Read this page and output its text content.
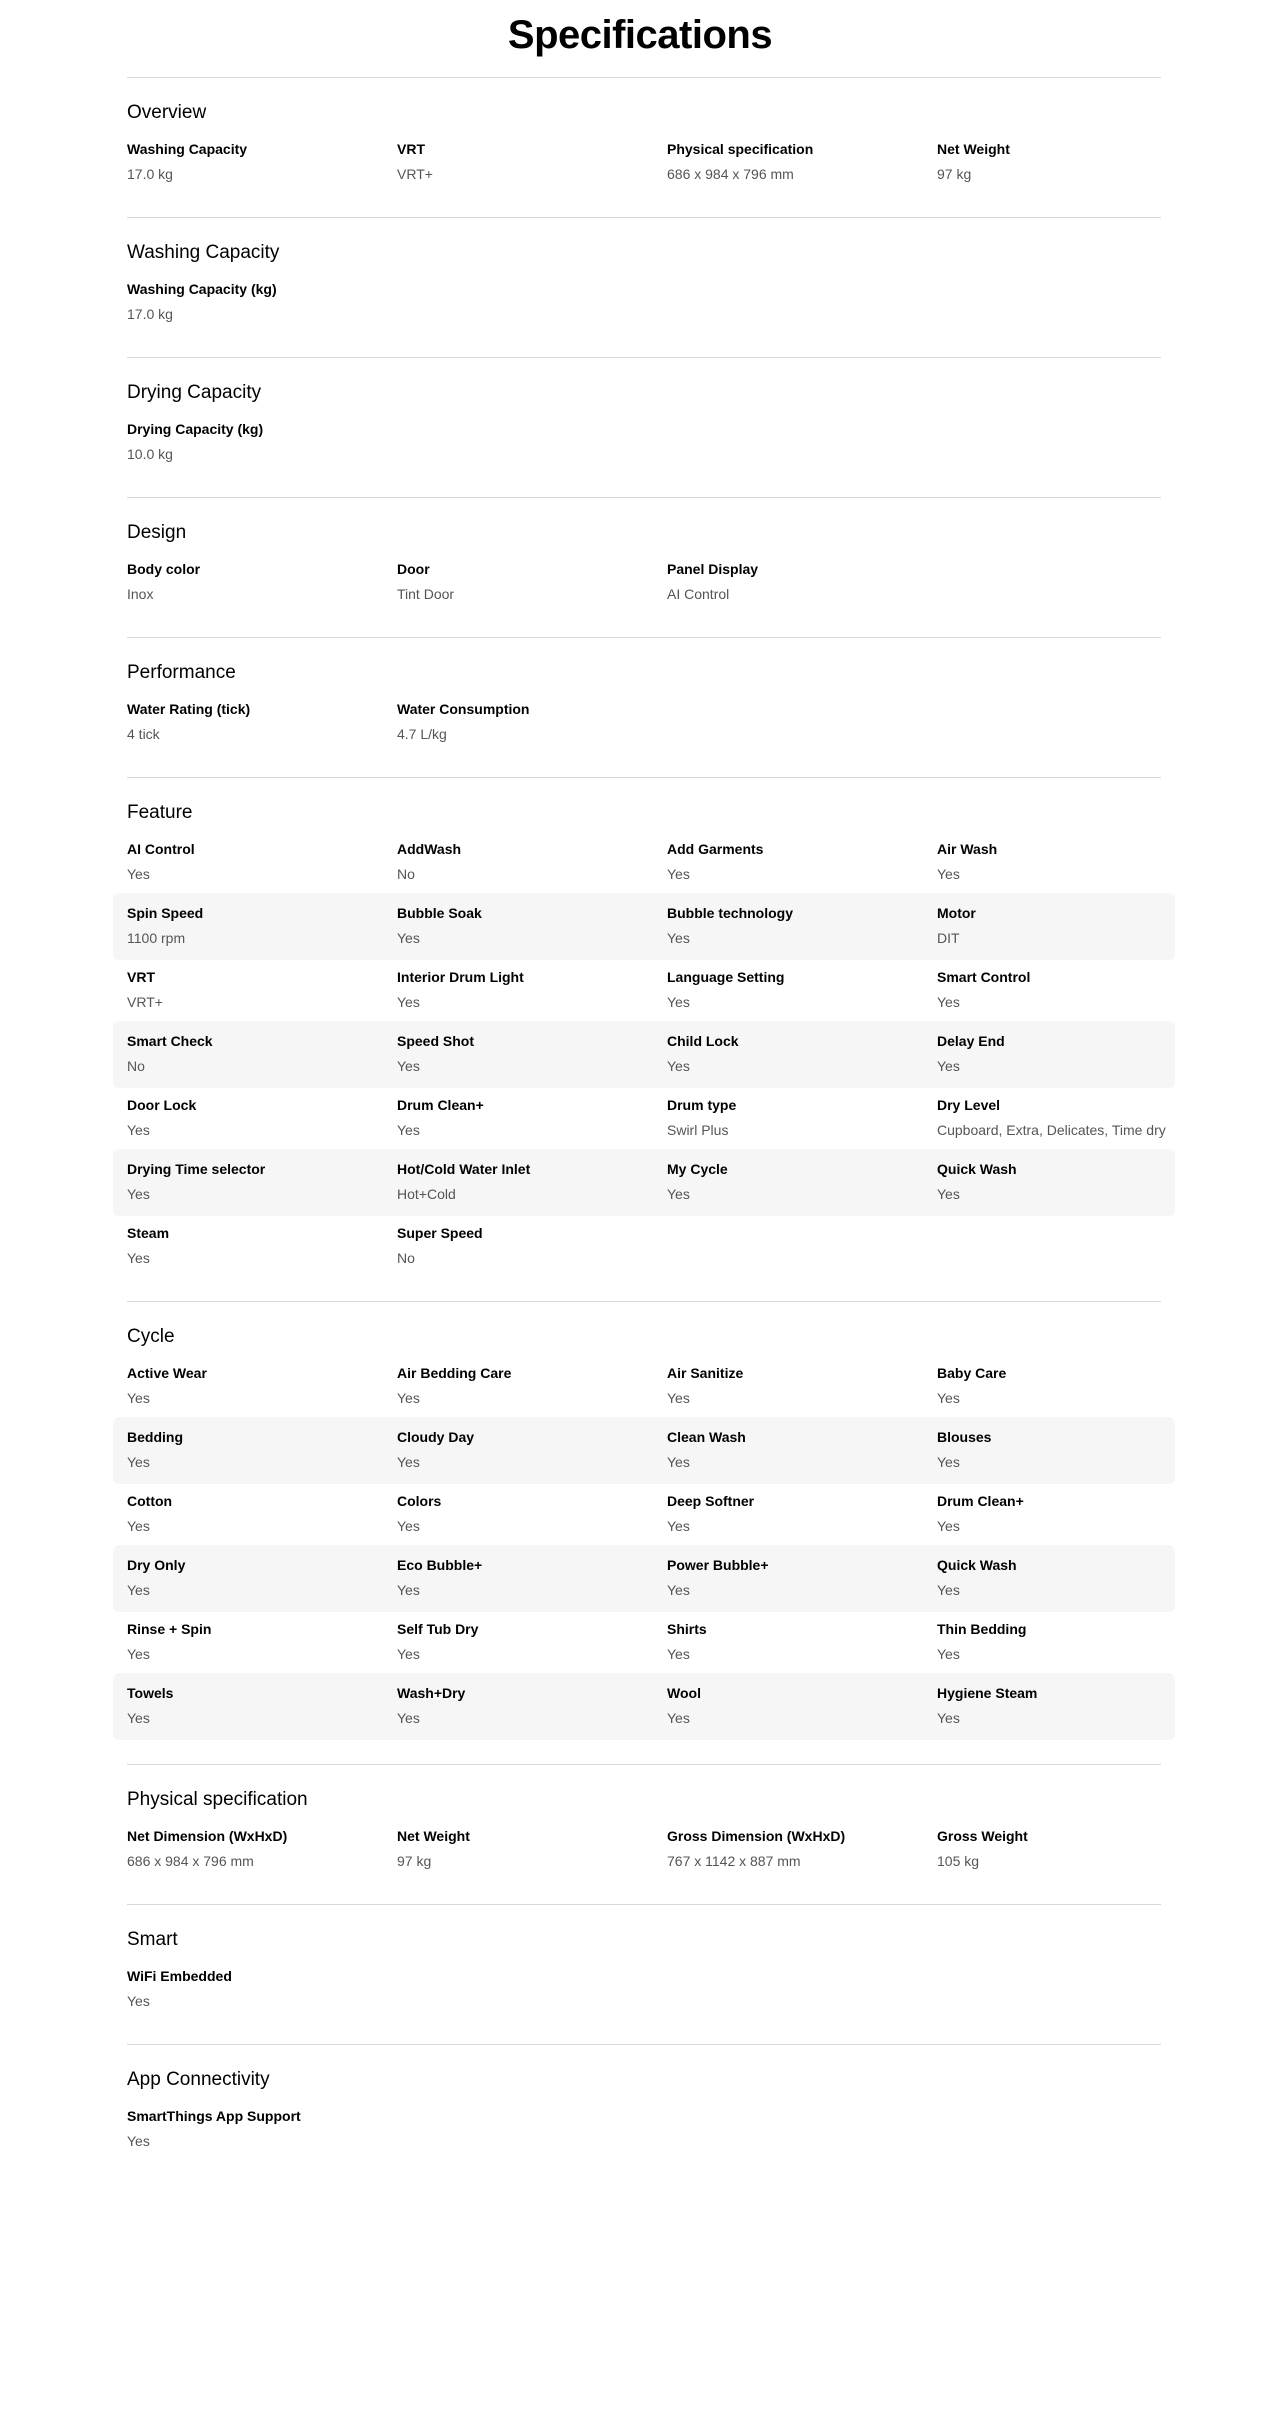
Specifications
Overview
Washing Capacity
17.0 kg
VRT
VRT+
Physical specification
686 x 984 x 796 mm
Net Weight
97 kg
Washing Capacity
Washing Capacity (kg)
17.0 kg
Drying Capacity
Drying Capacity (kg)
10.0 kg
Design
Body color
Inox
Door
Tint Door
Panel Display
AI Control
Performance
Water Rating (tick)
4 tick
Water Consumption
4.7 L/kg
Feature
AI Control
Yes
AddWash
No
Add Garments
Yes
Air Wash
Yes
Spin Speed
1100 rpm
Bubble Soak
Yes
Bubble technology
Yes
Motor
DIT
VRT
VRT+
Interior Drum Light
Yes
Language Setting
Yes
Smart Control
Yes
Smart Check
No
Speed Shot
Yes
Child Lock
Yes
Delay End
Yes
Door Lock
Yes
Drum Clean+
Yes
Drum type
Swirl Plus
Dry Level
Cupboard, Extra, Delicates, Time dry
Drying Time selector
Yes
Hot/Cold Water Inlet
Hot+Cold
My Cycle
Yes
Quick Wash
Yes
Steam
Yes
Super Speed
No
Cycle
Active Wear
Yes
Air Bedding Care
Yes
Air Sanitize
Yes
Baby Care
Yes
Bedding
Yes
Cloudy Day
Yes
Clean Wash
Yes
Blouses
Yes
Cotton
Yes
Colors
Yes
Deep Softner
Yes
Drum Clean+
Yes
Dry Only
Yes
Eco Bubble+
Yes
Power Bubble+
Yes
Quick Wash
Yes
Rinse + Spin
Yes
Self Tub Dry
Yes
Shirts
Yes
Thin Bedding
Yes
Towels
Yes
Wash+Dry
Yes
Wool
Yes
Hygiene Steam
Yes
Physical specification
Net Dimension (WxHxD)
686 x 984 x 796 mm
Net Weight
97 kg
Gross Dimension (WxHxD)
767 x 1142 x 887 mm
Gross Weight
105 kg
Smart
WiFi Embedded
Yes
App Connectivity
SmartThings App Support
Yes
